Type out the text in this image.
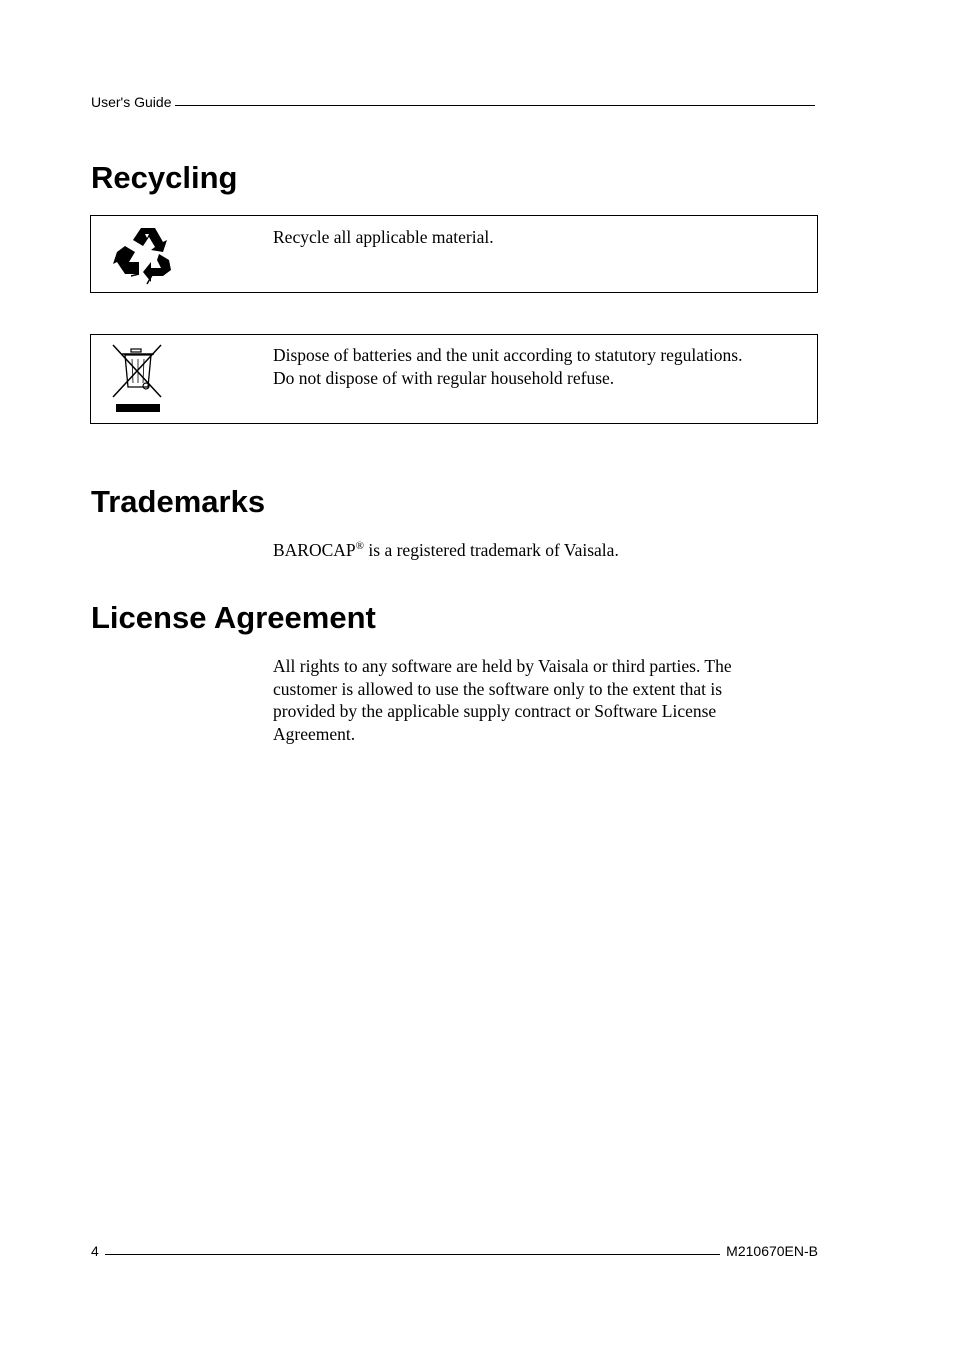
User's Guide
Recycling
Recycle all applicable material.
Dispose of batteries and the unit according to statutory regulations.
Do not dispose of with regular household refuse.
Trademarks
BAROCAP® is a registered trademark of Vaisala.
License Agreement
All rights to any software are held by Vaisala or third parties. The
customer is allowed to use the software only to the extent that is
provided by the applicable supply contract or Software License
Agreement.
4	M210670EN-B
